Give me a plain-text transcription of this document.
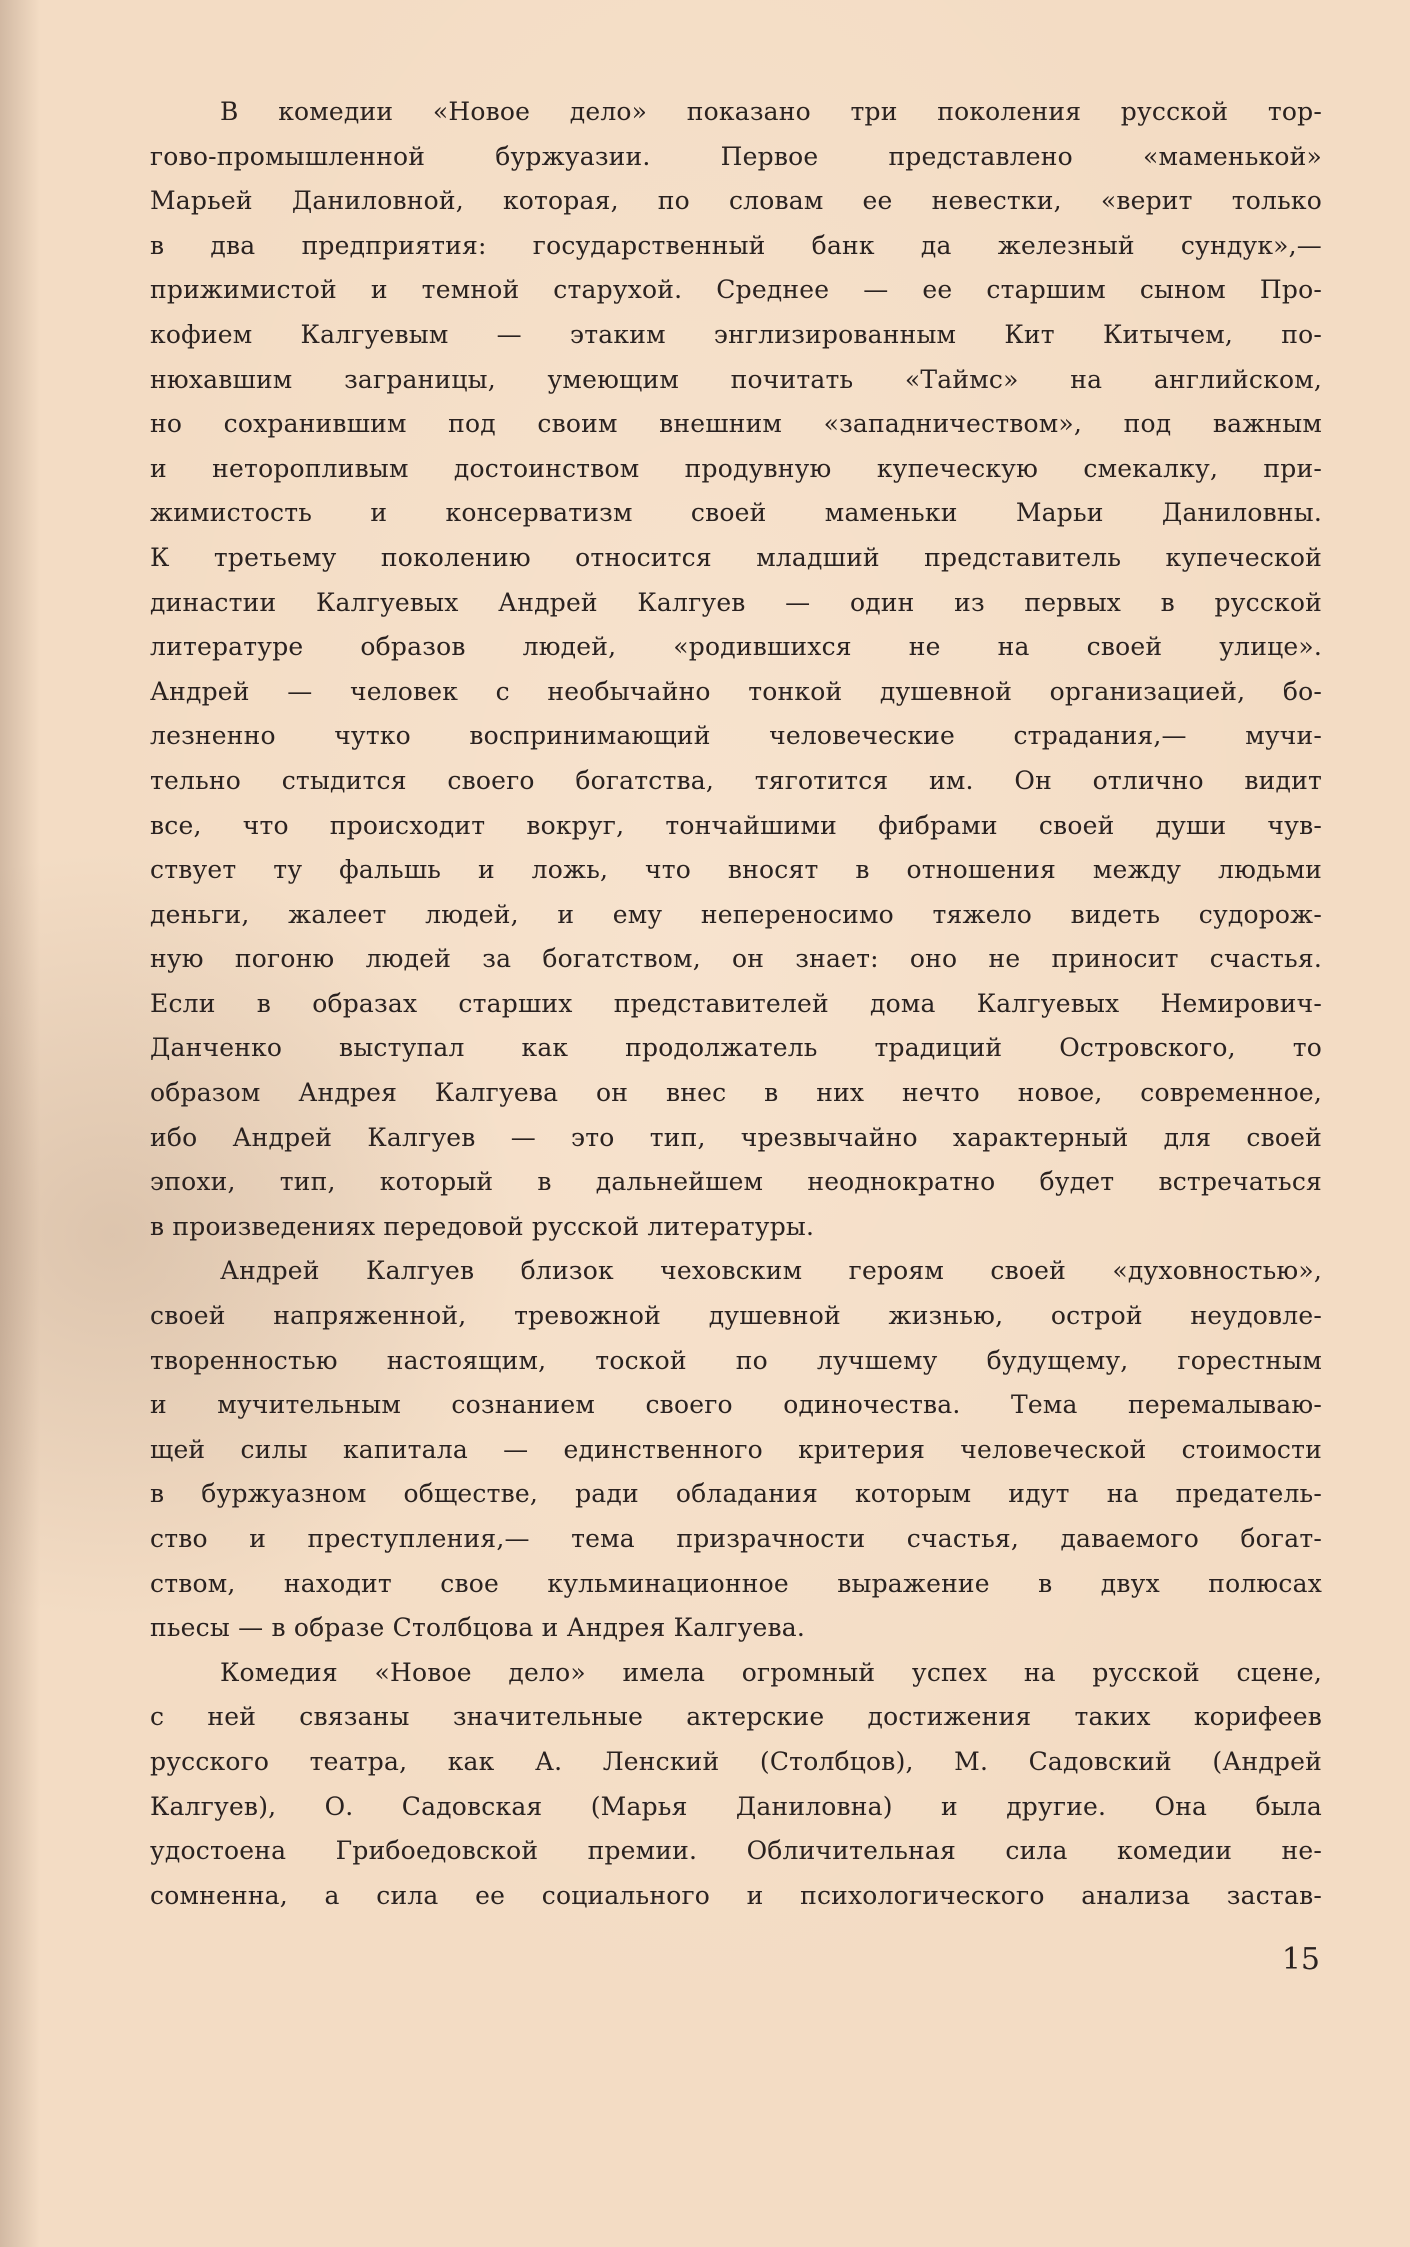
В комедии «Новое дело» показано три поколения русской тор-
гово-промышленной буржуазии. Первое представлено «маменькой»
Марьей Даниловной, которая, по словам ее невестки, «верит только
в два предприятия: государственный банк да железный сундук»,—
прижимистой и темной старухой. Среднее — ее старшим сыном Про-
кофием Калгуевым — этаким энглизированным Кит Китычем, по-
нюхавшим заграницы, умеющим почитать «Таймс» на английском,
но сохранившим под своим внешним «западничеством», под важным
и неторопливым достоинством продувную купеческую смекалку, при-
жимистость и консерватизм своей маменьки Марьи Даниловны.
К третьему поколению относится младший представитель купеческой
династии Калгуевых Андрей Калгуев — один из первых в русской
литературе образов людей, «родившихся не на своей улице».
Андрей — человек с необычайно тонкой душевной организацией, бо-
лезненно чутко воспринимающий человеческие страдания,— мучи-
тельно стыдится своего богатства, тяготится им. Он отлично видит
все, что происходит вокруг, тончайшими фибрами своей души чув-
ствует ту фальшь и ложь, что вносят в отношения между людьми
деньги, жалеет людей, и ему непереносимо тяжело видеть судорож-
ную погоню людей за богатством, он знает: оно не приносит счастья.
Если в образах старших представителей дома Калгуевых Немирович-
Данченко выступал как продолжатель традиций Островского, то
образом Андрея Калгуева он внес в них нечто новое, современное,
ибо Андрей Калгуев — это тип, чрезвычайно характерный для своей
эпохи, тип, который в дальнейшем неоднократно будет встречаться
в произведениях передовой русской литературы.
Андрей Калгуев близок чеховским героям своей «духовностью»,
своей напряженной, тревожной душевной жизнью, острой неудовле-
творенностью настоящим, тоской по лучшему будущему, горестным
и мучительным сознанием своего одиночества. Тема перемалываю-
щей силы капитала — единственного критерия человеческой стоимости
в буржуазном обществе, ради обладания которым идут на предатель-
ство и преступления,— тема призрачности счастья, даваемого богат-
ством, находит свое кульминационное выражение в двух полюсах
пьесы — в образе Столбцова и Андрея Калгуева.
Комедия «Новое дело» имела огромный успех на русской сцене,
с ней связаны значительные актерские достижения таких корифеев
русского театра, как А. Ленский (Столбцов), М. Садовский (Андрей
Калгуев), О. Садовская (Марья Даниловна) и другие. Она была
удостоена Грибоедовской премии. Обличительная сила комедии не-
сомненна, а сила ее социального и психологического анализа застав-
15
